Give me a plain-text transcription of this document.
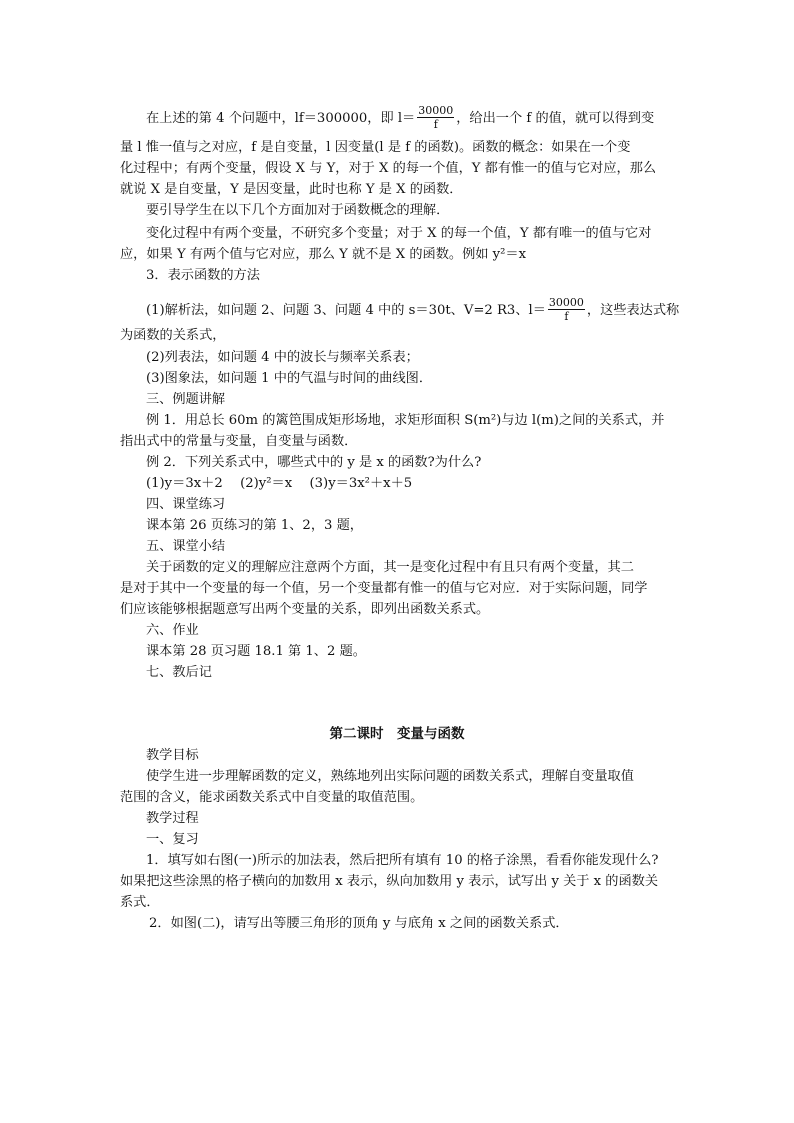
在上述的第 4 个问题中，lf＝300000，即 $l= \frac{30000}{f}$ ，给出一个 f 的值，就可以得到变
量 l 惟一值与之对应，f 是自变量，l 因变量(l 是 f 的函数)。函数的概念：如果在一个变
化过程中；有两个变量，假设 X 与 Y，对于 X 的每一个值，Y 都有惟一的值与它对应，那么
就说 X 是自变量，Y 是因变量，此时也称 Y 是 X 的函数．
要引导学生在以下几个方面加对于函数概念的理解．
变化过程中有两个变量，不研究多个变量；对于 X 的每一个值，Y 都有唯一的值与它对
应，如果 Y 有两个值与它对应，那么 Y 就不是 X 的函数。例如 y²＝x
3．表示函数的方法
(1)解析法，如问题 2、问题 3、问题 4 中的 s＝30t、V=2 R3、$l= \frac{30000}{f}$ ，这些表达式称
为函数的关系式，
(2)列表法，如问题 4 中的波长与频率关系表；
(3)图象法，如问题 1 中的气温与时间的曲线图．
三、例题讲解
例 1．用总长 60m 的篱笆围成矩形场地，求矩形面积 S(m²)与边 l(m)之间的关系式，并
指出式中的常量与变量，自变量与函数．
例 2．下列关系式中，哪些式中的 y 是 x 的函数?为什么?
(1)y＝3x＋2　 (2)y²＝x　 (3)y＝3x²＋x＋5
四、课堂练习
课本第 26 页练习的第 1、2，3 题，
五、课堂小结
关于函数的定义的理解应注意两个方面，其一是变化过程中有且只有两个变量，其二
是对于其中一个变量的每一个值，另一个变量都有惟一的值与它对应．对于实际问题，同学
们应该能够根据题意写出两个变量的关系，即列出函数关系式。
六、作业
课本第 28 页习题 18.1 第 1、2 题。
七、教后记
第二课时　变量与函数
教学目标
使学生进一步理解函数的定义，熟练地列出实际问题的函数关系式，理解自变量取值
范围的含义，能求函数关系式中自变量的取值范围。
教学过程
一、复习
1．填写如右图(一)所示的加法表，然后把所有填有 10 的格子涂黑，看看你能发现什么?
如果把这些涂黑的格子横向的加数用 x 表示，纵向加数用 y 表示，试写出 y 关于 x 的函数关
系式．
2．如图(二)，请写出等腰三角形的顶角 y 与底角 x 之间的函数关系式．
